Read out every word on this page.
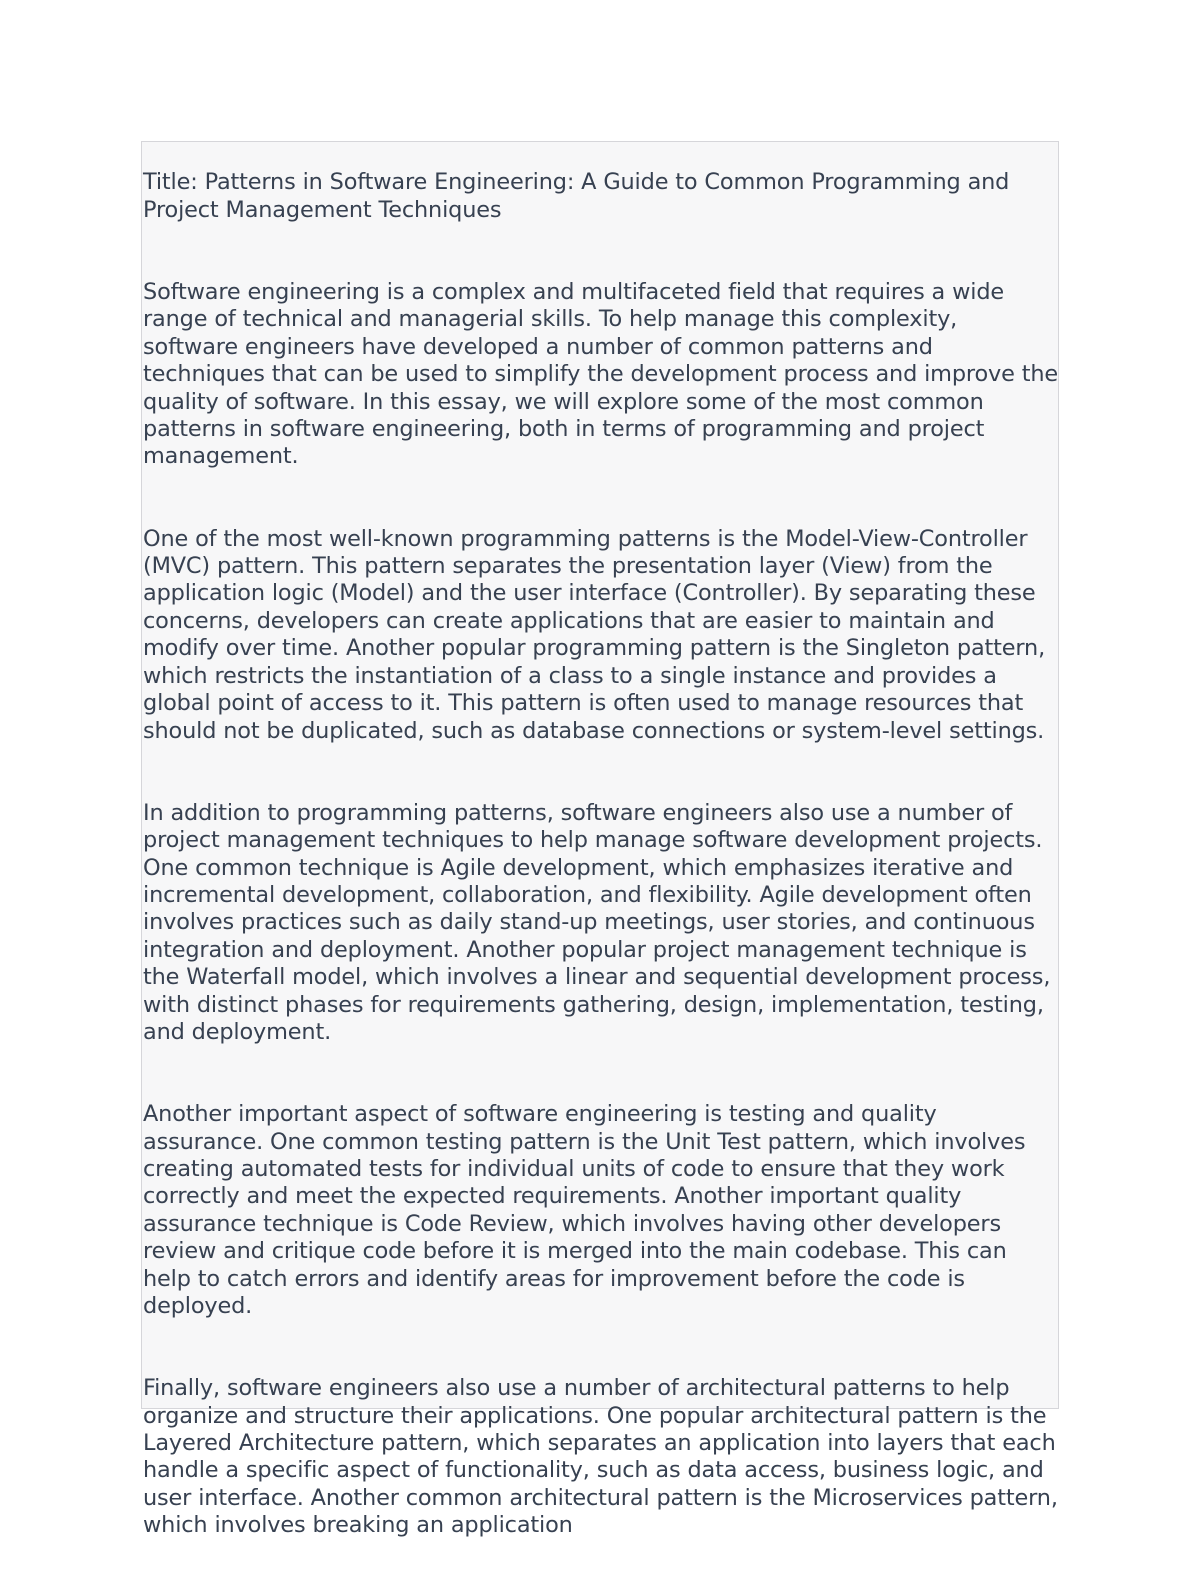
Title: Patterns in Software Engineering: A Guide to Common Programming and Project Management Techniques

Software engineering is a complex and multifaceted field that requires a wide range of technical and managerial skills. To help manage this complexity, software engineers have developed a number of common patterns and techniques that can be used to simplify the development process and improve the quality of software. In this essay, we will explore some of the most common patterns in software engineering, both in terms of programming and project management.

One of the most well-known programming patterns is the Model-View-Controller (MVC) pattern. This pattern separates the presentation layer (View) from the application logic (Model) and the user interface (Controller). By separating these concerns, developers can create applications that are easier to maintain and modify over time. Another popular programming pattern is the Singleton pattern, which restricts the instantiation of a class to a single instance and provides a global point of access to it. This pattern is often used to manage resources that should not be duplicated, such as database connections or system-level settings.

In addition to programming patterns, software engineers also use a number of project management techniques to help manage software development projects. One common technique is Agile development, which emphasizes iterative and incremental development, collaboration, and flexibility. Agile development often involves practices such as daily stand-up meetings, user stories, and continuous integration and deployment. Another popular project management technique is the Waterfall model, which involves a linear and sequential development process, with distinct phases for requirements gathering, design, implementation, testing, and deployment.

Another important aspect of software engineering is testing and quality assurance. One common testing pattern is the Unit Test pattern, which involves creating automated tests for individual units of code to ensure that they work correctly and meet the expected requirements. Another important quality assurance technique is Code Review, which involves having other developers review and critique code before it is merged into the main codebase. This can help to catch errors and identify areas for improvement before the code is deployed.

Finally, software engineers also use a number of architectural patterns to help organize and structure their applications. One popular architectural pattern is the Layered Architecture pattern, which separates an application into layers that each handle a specific aspect of functionality, such as data access, business logic, and user interface. Another common architectural pattern is the Microservices pattern, which involves breaking an application
